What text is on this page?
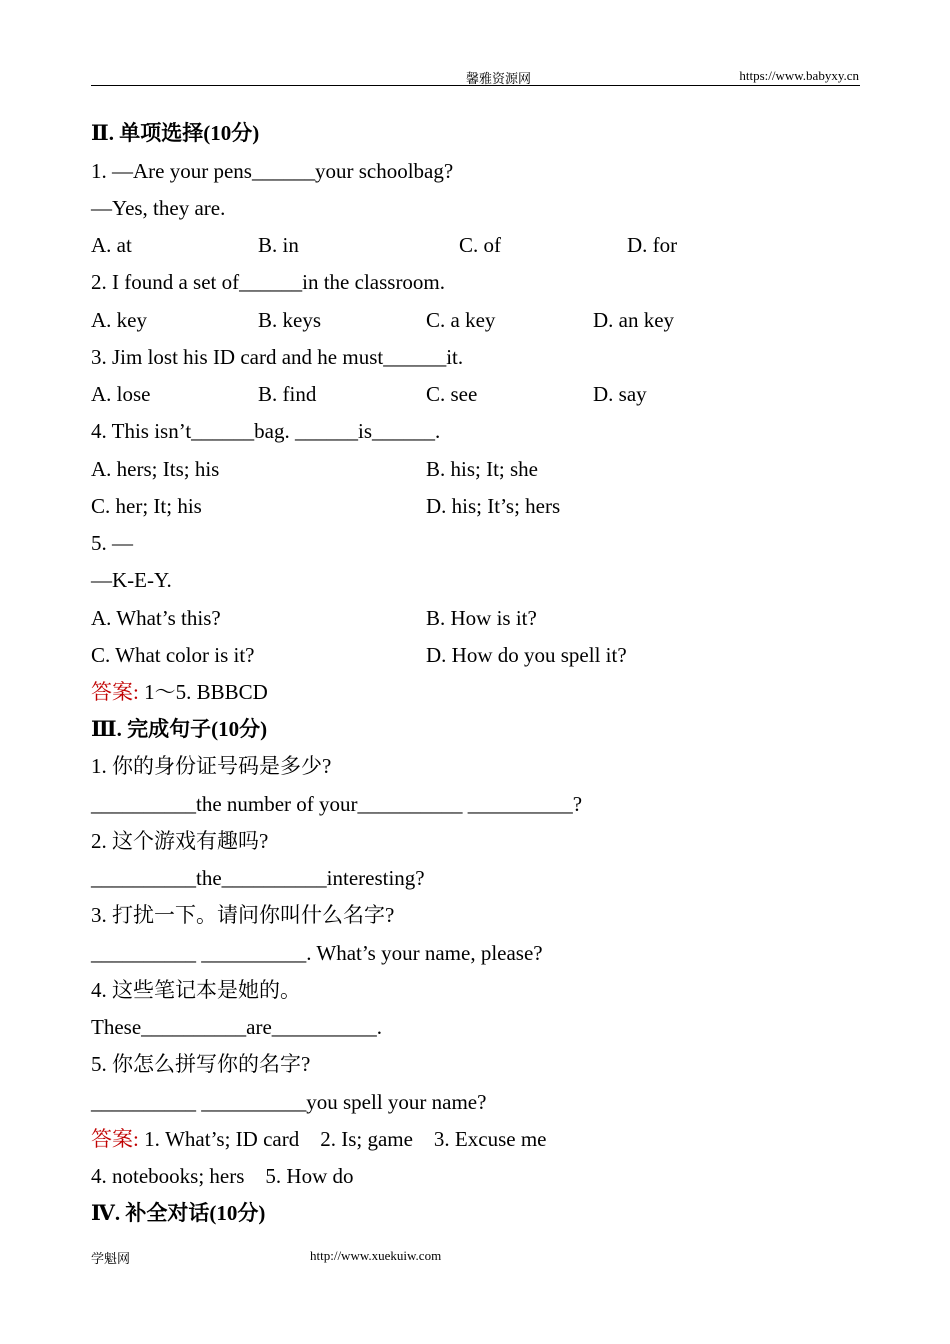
馨雅资源网	https://www.babyxy.cn
Ⅱ. 单项选择(10分)
1. —Are your pens______your schoolbag?
—Yes, they are.
A. at	B. in	C. of	D. for
2. I found a set of______in the classroom.
A. key	B. keys	C. a key	D. an key
3. Jim lost his ID card and he must______it.
A. lose	B. find	C. see	D. say
4. This isn’t______bag. ______is______.
A. hers; Its; his	B. his; It; she
C. her; It; his	D. his; It’s; hers
5. —
—K-E-Y.
A. What’s this?	B. How is it?
C. What color is it?	D. How do you spell it?
答案: 1～5. BBBCD
Ⅲ. 完成句子(10分)
1. 你的身份证号码是多少?
__________the number of your__________ __________?
2. 这个游戏有趣吗?
__________the__________interesting?
3. 打扰一下。请问你叫什么名字?
__________ __________. What’s your name, please?
4. 这些笔记本是她的。
These__________are__________.
5. 你怎么拼写你的名字?
__________ __________you spell your name?
答案: 1. What’s; ID card　2. Is; game　3. Excuse me
4. notebooks; hers　5. How do
Ⅳ. 补全对话(10分)
学魁网	http://www.xuekuiw.com
